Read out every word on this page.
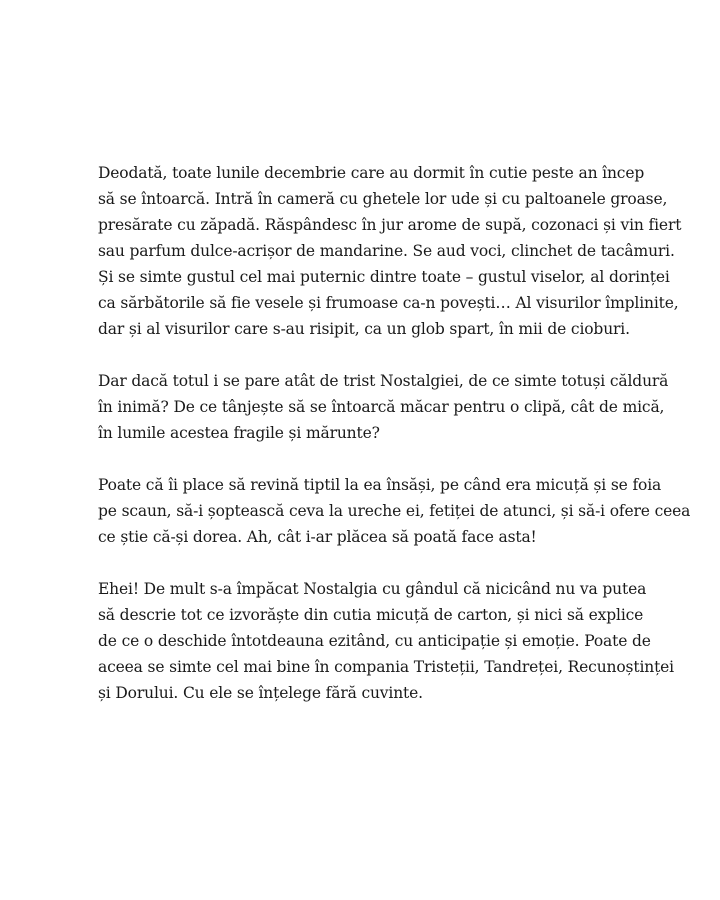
Deodată, toate lunile decembrie care au dormit în cutie peste an încep
să se întoarcă. Intră în cameră cu ghetele lor ude și cu paltoanele groase,
presărate cu zăpadă. Răspândesc în jur arome de supă, cozonaci și vin fiert
sau parfum dulce-acrișor de mandarine. Se aud voci, clinchet de tacâmuri.
Și se simte gustul cel mai puternic dintre toate – gustul viselor, al dorinței
ca sărbătorile să fie vesele și frumoase ca-n povești… Al visurilor împlinite,
dar și al visurilor care s-au risipit, ca un glob spart, în mii de cioburi.

Dar dacă totul i se pare atât de trist Nostalgiei, de ce simte totuși căldură
în inimă? De ce tânjește să se întoarcă măcar pentru o clipă, cât de mică,
în lumile acestea fragile și mărunte?

Poate că îi place să revină tiptil la ea însăși, pe când era micuță și se foia
pe scaun, să-i șoptească ceva la ureche ei, fetiței de atunci, și să-i ofere ceea
ce știe că-și dorea. Ah, cât i-ar plăcea să poată face asta!

Ehei! De mult s-a împăcat Nostalgia cu gândul că nicicând nu va putea
să descrie tot ce izvorăște din cutia micuță de carton, și nici să explice
de ce o deschide întotdeauna ezitând, cu anticipație și emoție. Poate de
aceea se simte cel mai bine în compania Tristeții, Tandreței, Recunoștinței
și Dorului. Cu ele se înțelege fără cuvinte.
